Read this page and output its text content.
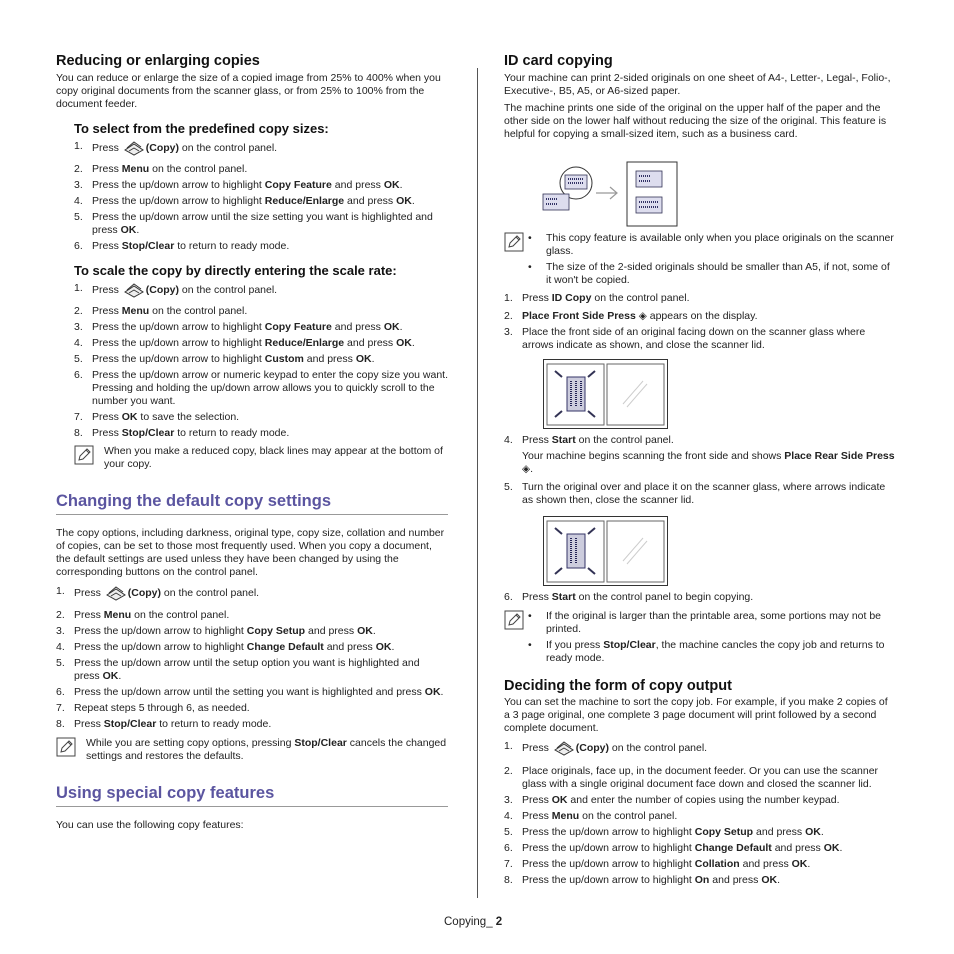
Reducing or enlarging copies

You can reduce or enlarge the size of a copied image from 25% to 400% when you copy original documents from the scanner glass, or from 25% to 100% from the document feeder.

To select from the predefined copy sizes:
1. Press (Copy) on the control panel.
2. Press Menu on the control panel.
3. Press the up/down arrow to highlight Copy Feature and press OK.
4. Press the up/down arrow to highlight Reduce/Enlarge and press OK.
5. Press the up/down arrow until the size setting you want is highlighted and press OK.
6. Press Stop/Clear to return to ready mode.
To scale the copy by directly entering the scale rate:
1. Press (Copy) on the control panel.
2. Press Menu on the control panel.
3. Press the up/down arrow to highlight Copy Feature and press OK.
4. Press the up/down arrow to highlight Reduce/Enlarge and press OK.
5. Press the up/down arrow to highlight Custom and press OK.
6. Press the up/down arrow or numeric keypad to enter the copy size you want. Pressing and holding the up/down arrow allows you to quickly scroll to the number you want.
7. Press OK to save the selection.
8. Press Stop/Clear to return to ready mode.

When you make a reduced copy, black lines may appear at the bottom of your copy.

Changing the default copy settings

The copy options, including darkness, original type, copy size, collation and number of copies, can be set to those most frequently used. When you copy a document, the default settings are used unless they have been changed by using the corresponding buttons on the control panel.

1. Press (Copy) on the control panel.
2. Press Menu on the control panel.
3. Press the up/down arrow to highlight Copy Setup and press OK.
4. Press the up/down arrow to highlight Change Default and press OK.
5. Press the up/down arrow until the setup option you want is highlighted and press OK.
6. Press the up/down arrow until the setting you want is highlighted and press OK.
7. Repeat steps 5 through 6, as needed.
8. Press Stop/Clear to return to ready mode.

While you are setting copy options, pressing Stop/Clear cancels the changed settings and restores the defaults.

Using special copy features

You can use the following copy features:

ID card copying

Your machine can print 2-sided originals on one sheet of A4-, Letter-, Legal-, Folio-, Executive-, B5, A5, or A6-sized paper.

The machine prints one side of the original on the upper half of the paper and the other side on the lower half without reducing the size of the original. This feature is helpful for copying a small-sized item, such as a business card.

• This copy feature is available only when you place originals on the scanner glass.
• The size of the 2-sided originals should be smaller than A5, if not, some of it won't be copied.
1. Press ID Copy on the control panel.
2. Place Front Side Press ◈ appears on the display.
3. Place the front side of an original facing down on the scanner glass where arrows indicate as shown, and close the scanner lid.
4. Press Start on the control panel.
Your machine begins scanning the front side and shows Place Rear Side Press ◈.
5. Turn the original over and place it on the scanner glass, where arrows indicate as shown then, close the scanner lid.
6. Press Start on the control panel to begin copying.
• If the original is larger than the printable area, some portions may not be printed.
• If you press Stop/Clear, the machine cancles the copy job and returns to ready mode.
Deciding the form of copy output

You can set the machine to sort the copy job. For example, if you make 2 copies of a 3 page original, one complete 3 page document will print followed by a second complete document.

1. Press (Copy) on the control panel.
2. Place originals, face up, in the document feeder. Or you can use the scanner glass with a single original document face down and closed the scanner lid.
3. Press OK and enter the number of copies using the number keypad.
4. Press Menu on the control panel.
5. Press the up/down arrow to highlight Copy Setup and press OK.
6. Press the up/down arrow to highlight Change Default and press OK.
7. Press the up/down arrow to highlight Collation and press OK.
8. Press the up/down arrow to highlight On and press OK.
Copying_ 2
